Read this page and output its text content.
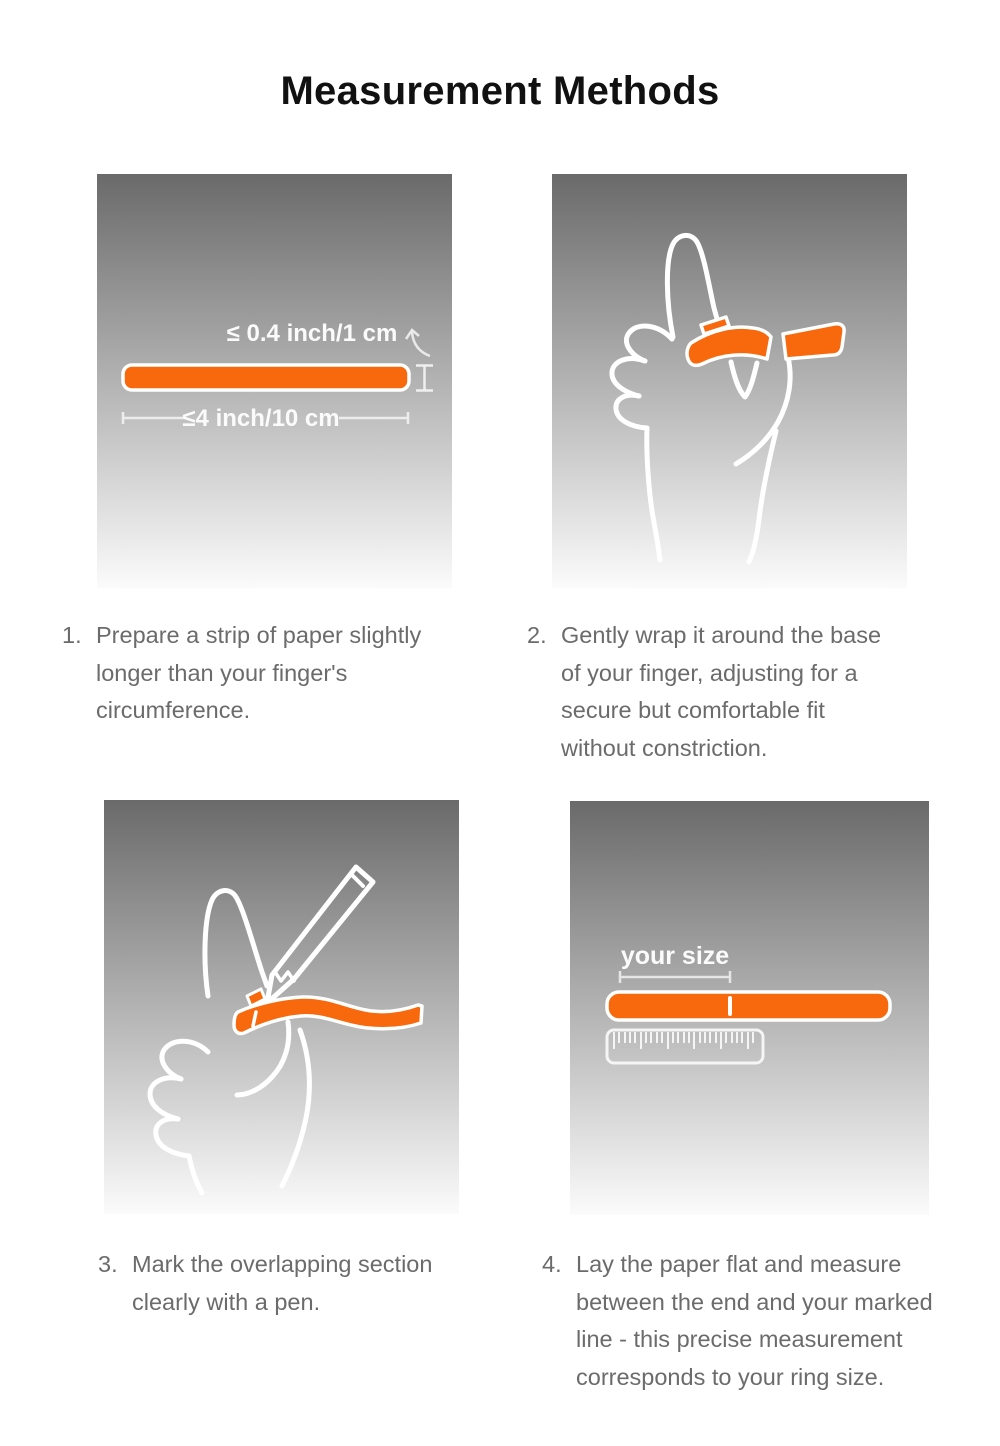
Measurement Methods
≤ 0.4 inch/1 cm
≤4 inch/10 cm
1. Prepare a strip of paper slightly
longer than your finger's
circumference.
2. Gently wrap it around the base
of your finger, adjusting for a
secure but comfortable fit
without constriction.
your size
3. Mark the overlapping section
clearly with a pen.
4. Lay the paper flat and measure
between the end and your marked
line - this precise measurement
corresponds to your ring size.
